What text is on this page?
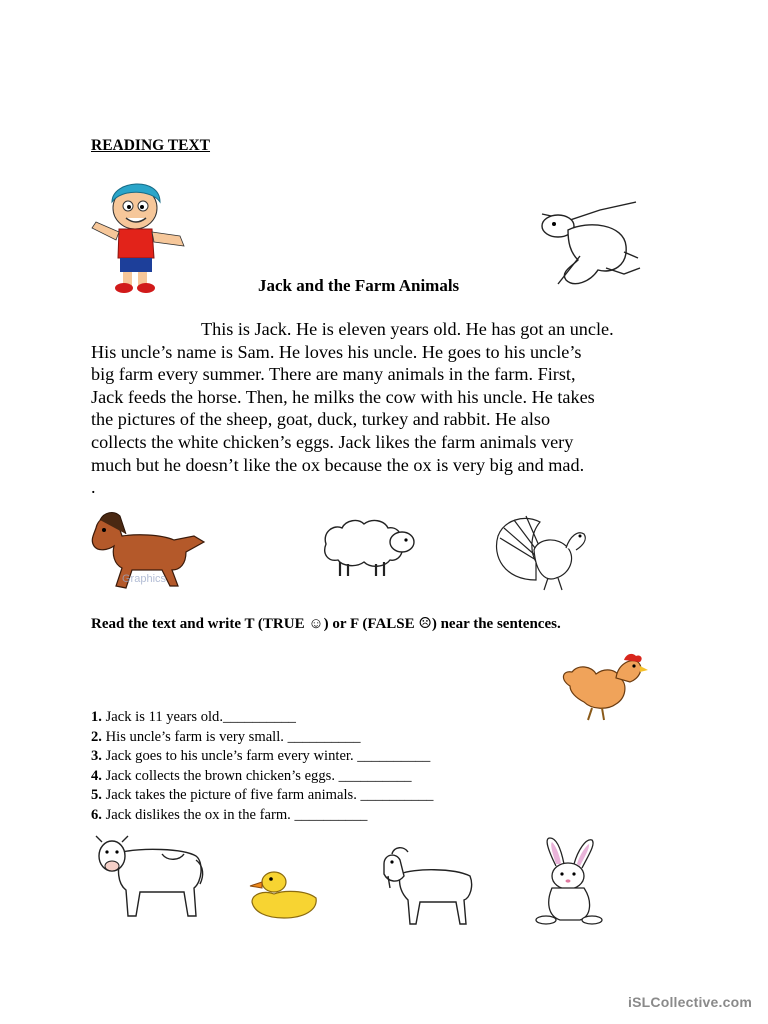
READING TEXT
Jack and the Farm Animals
This is Jack. He is eleven years old. He has got an uncle.
His uncle’s name is Sam. He loves his uncle. He goes to his uncle’s
big farm every summer. There are many animals in the farm. First,
Jack feeds the horse. Then, he milks the cow with his uncle. He takes
the pictures of the sheep, goat, duck, turkey and rabbit. He also
collects the white chicken’s eggs. Jack likes the farm animals very
much but he doesn’t like the ox because the ox is very big and mad.
.
Graphics
Read the text and write T (TRUE ☺) or F (FALSE ☹) near the sentences.
1. Jack is 11 years old.__________
2. His uncle’s farm is very small. __________
3. Jack goes to his uncle’s farm every winter. __________
4. Jack collects the brown chicken’s eggs. __________
5. Jack takes the picture of five farm animals. __________
6. Jack dislikes the ox in the farm. __________
iSLCollective.com
